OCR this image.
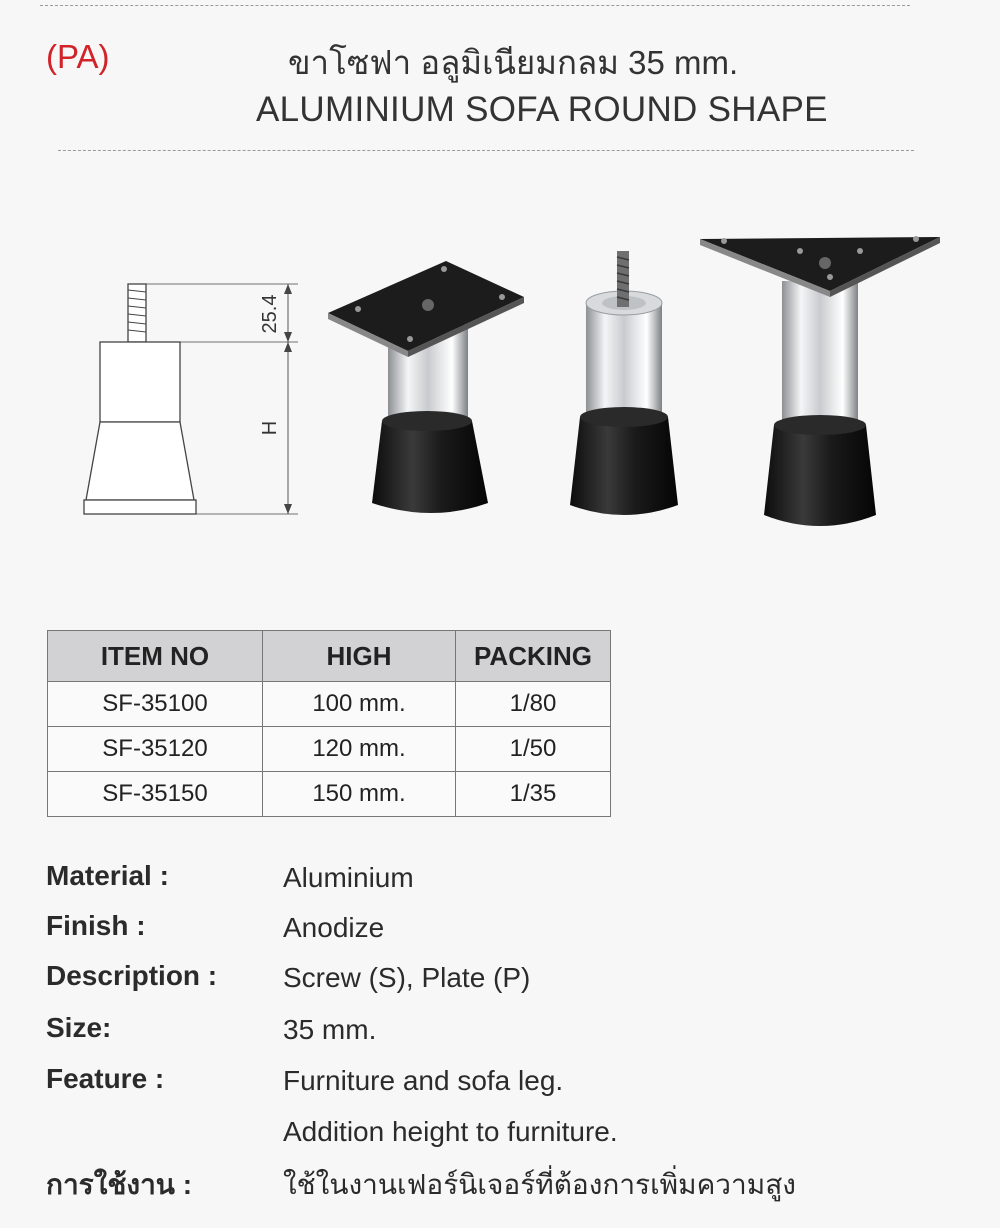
(PA)	ขาโซฟา อลูมิเนียมกลม 35 mm.
ALUMINIUM SOFA ROUND SHAPE
25.4
H
ITEM NO	HIGH	PACKING
SF-35100	100 mm.	1/80
SF-35120	120 mm.	1/50
SF-35150	150 mm.	1/35
Material :	Aluminium
Finish :	Anodize
Description : Screw (S), Plate (P)
Size:	35 mm.
Feature :	Furniture and sofa leg.
Addition height to furniture.
การใช้งาน :	ใช้ในงานเฟอร์นิเจอร์ที่ต้องการเพิ่มความสูง
